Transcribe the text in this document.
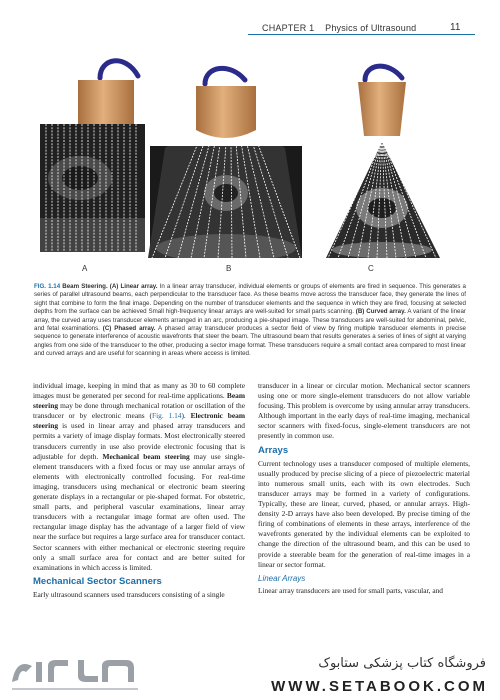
CHAPTER 1 Physics of Ultrasound	11
A	B	C
FIG. 1.14 Beam Steering. (A) Linear array. In a linear array transducer, individual elements or groups of elements are fired in sequence. This generates a series of parallel ultrasound beams, each perpendicular to the transducer face. As these beams move across the transducer face, they generate the lines of sight that combine to form the final image. Depending on the number of transducer elements and the sequence in which they are fired, focusing at selected depths from the surface can be achieved Small high-frequency linear arrays are well-suited for small parts scanning. (B) Curved array. A variant of the linear array, the curved array uses transducer elements arranged in an arc, producing a pie-shaped image. These transducers are well-suited for abdominal, pelvic, and fetal examinations. (C) Phased array. A phased array transducer produces a sector field of view by firing multiple transducer elements in precise sequence to generate interference of acoustic wavefronts that steer the beam. The ultrasound beam that results generates a series of lines of sight at varying angles from one side of the transducer to the other, producing a sector image format. These transducers require a small contact area compared to most linear and curved arrays and are useful for scanning in areas where access is limited.
individual image, keeping in mind that as many as 30 to 60 complete images must be generated per second for real-time applications. Beam steering may be done through mechanical rotation or oscillation of the transducer or by electronic means (Fig. 1.14). Electronic beam steering is used in linear array and phased array transducers and permits a variety of image display formats. Most electronically steered transducers currently in use also provide electronic focusing that is adjustable for depth. Mechanical beam steering may use single-element transducers with a fixed focus or may use annular arrays of elements with electronically controlled focusing. For real-time imaging, transducers using mechanical or electronic beam steering generate displays in a rectangular or pie-shaped format. For obstetric, small parts, and peripheral vascular examinations, linear array transducers with a rectangular image format are often used. The rectangular image display has the advantage of a larger field of view near the surface but requires a large surface area for transducer contact. Sector scanners with either mechanical or electronic steering require only a small surface area for contact and are better suited for examinations in which access is limited.
Mechanical Sector Scanners
Early ultrasound scanners used transducers consisting of a single
transducer in a linear or circular motion. Mechanical sector scanners using one or more single-element transducers do not allow variable focusing. This problem is overcome by using annular array transducers. Although important in the early days of real-time imaging, mechanical sector scanners with fixed-focus, single-element transducers are not presently in common use.
Arrays
Current technology uses a transducer composed of multiple elements, usually produced by precise slicing of a piece of piezoelectric material into numerous small units, each with its own electrodes. Such transducer arrays may be formed in a variety of configurations. Typically, these are linear, curved, phased, or annular arrays. High-density 2-D arrays have also been developed. By precise timing of the firing of combinations of elements in these arrays, interference of the wavefronts generated by the individual elements can be exploited to change the direction of the ultrasound beam, and this can be used to provide a steerable beam for the generation of real-time images in a linear or sector format.
Linear Arrays
Linear array transducers are used for small parts, vascular, and
فروشگاه کتاب پزشکی ستابوک
WWW.SETABOOK.COM
